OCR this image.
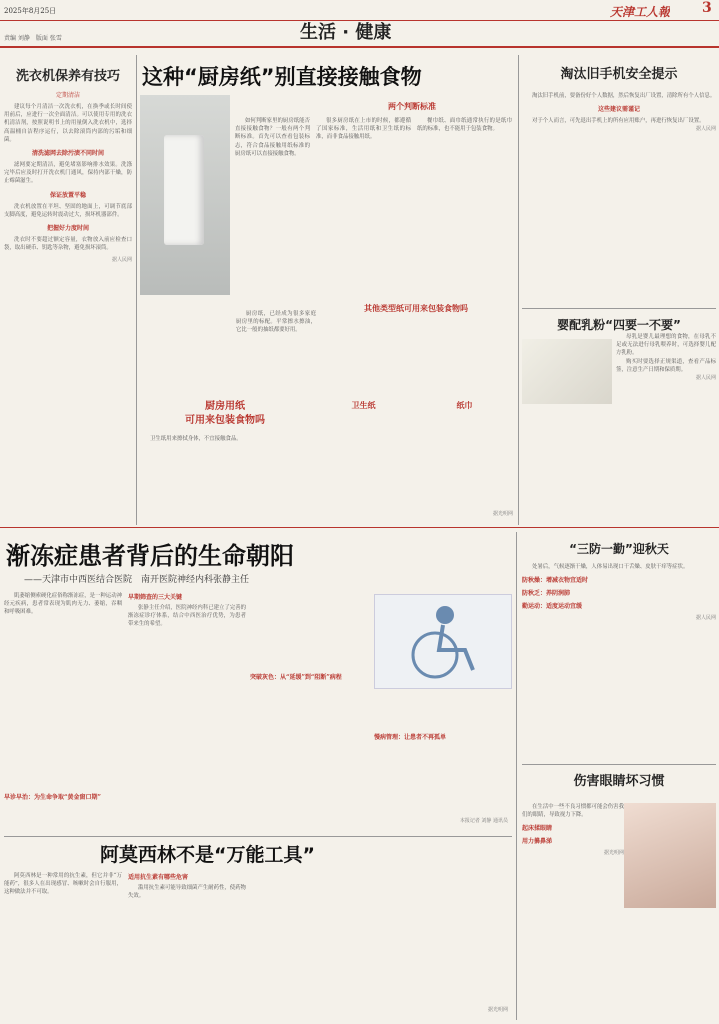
2025年8月25日
责编 刘静　版面 张雪	生活 · 健康
天津工人報 3
洗衣机保养有技巧
定期清洁
建议每个月清洁一次洗衣机，在换季或长时间使用前后，应进行一次全面清洁。可以使用专用的洗衣机清洁剂，按照说明书上的用量倒入洗衣机中，选择高温桶自洁程序运行，以去除滚筒内部的污垢和细菌。
清洗滤网去除污渍不同时间
滤网要定期清洁，避免堵塞影响排水效果。洗涤完毕后应及时打开洗衣机门通风，保持内部干燥，防止霉菌滋生。
保证放置平稳
洗衣机放置在平坦、坚固的地面上，可调节底部支脚高度，避免运转时震动过大，损坏机器部件。
把握好力度时间
洗衣时不要超过额定容量，衣物放入前应检查口袋，取出硬币、钥匙等杂物，避免损坏滚筒。
据人民网
这种“厨房纸”别直接接触食物
两个判断标准
如何判断家里的厨房纸能否直接接触食物？一般有两个判断标准。首先可以查看包装标志，符合食品接触用纸标准的厨房纸可以直接接触食物。
很多厨房纸在上市的时候，都遵循了国家标准，生活用纸和卫生纸的标准，而非食品接触用纸。
餐巾纸、面巾纸通常执行的是纸巾纸的标准，也不能用于包装食物。
厨房纸，已经成为很多家庭厨房里的标配。平常擦水擦油，它比一般的抽纸都要好用。
其他类型纸可用来包装食物吗
厨房用纸
可用来包装食物吗
卫生纸用来擦拭身体，不宜接触食品。
卫生纸	纸巾
据光明网
淘汰旧手机安全提示
淘汰旧手机前，要备份好个人数据，然后恢复出厂设置，清除所有个人信息。
这些建议需谨记
对于个人而言，可先退出手机上的所有应用账户，再进行恢复出厂设置。
据人民网
婴配乳粉“四要一不要”
母乳是婴儿最理想的食物，在母乳不足或无法进行母乳喂养时，可选择婴儿配方乳粉。
购买时要选择正规渠道，查看产品标签，注意生产日期和保质期。
据人民网
渐冻症患者背后的生命朝阳
——天津市中西医结合医院　南开医院神经内科张静主任
肌萎缩侧索硬化症俗称渐冻症，是一种运动神经元疾病，患者常表现为肌肉无力、萎缩，吞咽和呼吸困难。
早期筛查的三大关键
张静主任介绍，医院神经内科已建立了完善的渐冻症诊疗体系，结合中西医治疗优势，为患者带来生的希望。
突破灰色：从“延缓”到“阻断”病程
早诊早治：为生命争取“黄金窗口期”
慢病管理：让患者不再孤单
本报记者 刘静 通讯员
阿莫西林不是“万能工具”
阿莫西林是一种常用的抗生素，但它并非“万能药”，很多人在出现感冒、咳嗽时会自行服用，这种做法并不可取。
适用抗生素有哪些危害
滥用抗生素可能导致细菌产生耐药性，使药物失效。
据光明网
“三防一勤”迎秋天
处暑后，气候逐渐干燥，人体易出现口干舌燥、皮肤干痒等症状。
防秋燥：增减衣物宜适时
防秋乏：养阴润肺
勤运动：适度运动宜缓
据人民网
伤害眼睛坏习惯
在生活中一些不良习惯都可能会伤害我们的眼睛，导致视力下降。
起床揉眼睛
用力擤鼻涕
据光明网
